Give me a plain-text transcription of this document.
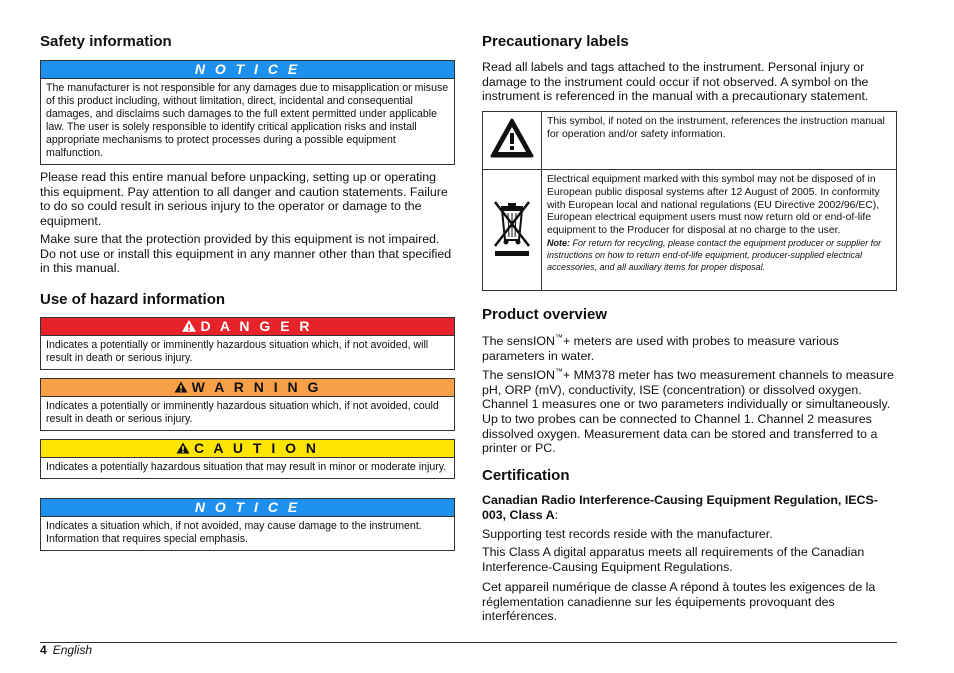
Safety information
N O T I C E
The manufacturer is not responsible for any damages due to misapplication or misuse of this product including, without limitation, direct, incidental and consequential damages, and disclaims such damages to the full extent permitted under applicable law. The user is solely responsible to identify critical application risks and install appropriate mechanisms to protect processes during a possible equipment malfunction.

Please read this entire manual before unpacking, setting up or operating this equipment. Pay attention to all danger and caution statements. Failure to do so could result in serious injury to the operator or damage to the equipment.

Make sure that the protection provided by this equipment is not impaired. Do not use or install this equipment in any manner other than that specified in this manual.

Use of hazard information
D A N G E R
Indicates a potentially or imminently hazardous situation which, if not avoided, will result in death or serious injury.
W A R N I N G
Indicates a potentially or imminently hazardous situation which, if not avoided, could result in death or serious injury.
C A U T I O N
Indicates a potentially hazardous situation that may result in minor or moderate injury.
N O T I C E
Indicates a situation which, if not avoided, may cause damage to the instrument. Information that requires special emphasis.
Precautionary labels

Read all labels and tags attached to the instrument. Personal injury or damage to the instrument could occur if not observed. A symbol on the instrument is referenced in the manual with a precautionary statement.

	This symbol, if noted on the instrument, references the instruction manual for operation and/or safety information.

Electrical equipment marked with this symbol may not be disposed of in European public disposal systems after 12 August of 2005. In conformity with European local and national regulations (EU Directive 2002/96/EC), European electrical equipment users must now return old or end-of-life equipment to the Producer for disposal at no charge to the user.
Note: For return for recycling, please contact the equipment producer or supplier for instructions on how to return end-of-life equipment, producer-supplied electrical accessories, and all auxiliary items for proper disposal.
Product overview

The sensION™+ meters are used with probes to measure various parameters in water.

The sensION™+ MM378 meter has two measurement channels to measure pH, ORP (mV), conductivity, ISE (concentration) or dissolved oxygen. Channel 1 measures one or two parameters individually or simultaneously. Up to two probes can be connected to Channel 1. Channel 2 measures dissolved oxygen. Measurement data can be stored and transferred to a printer or PC.

Certification

Canadian Radio Interference-Causing Equipment Regulation, IECS-003, Class A:

Supporting test records reside with the manufacturer.

This Class A digital apparatus meets all requirements of the Canadian Interference-Causing Equipment Regulations.

Cet appareil numérique de classe A répond à toutes les exigences de la réglementation canadienne sur les équipements provoquant des interférences.

4 English
